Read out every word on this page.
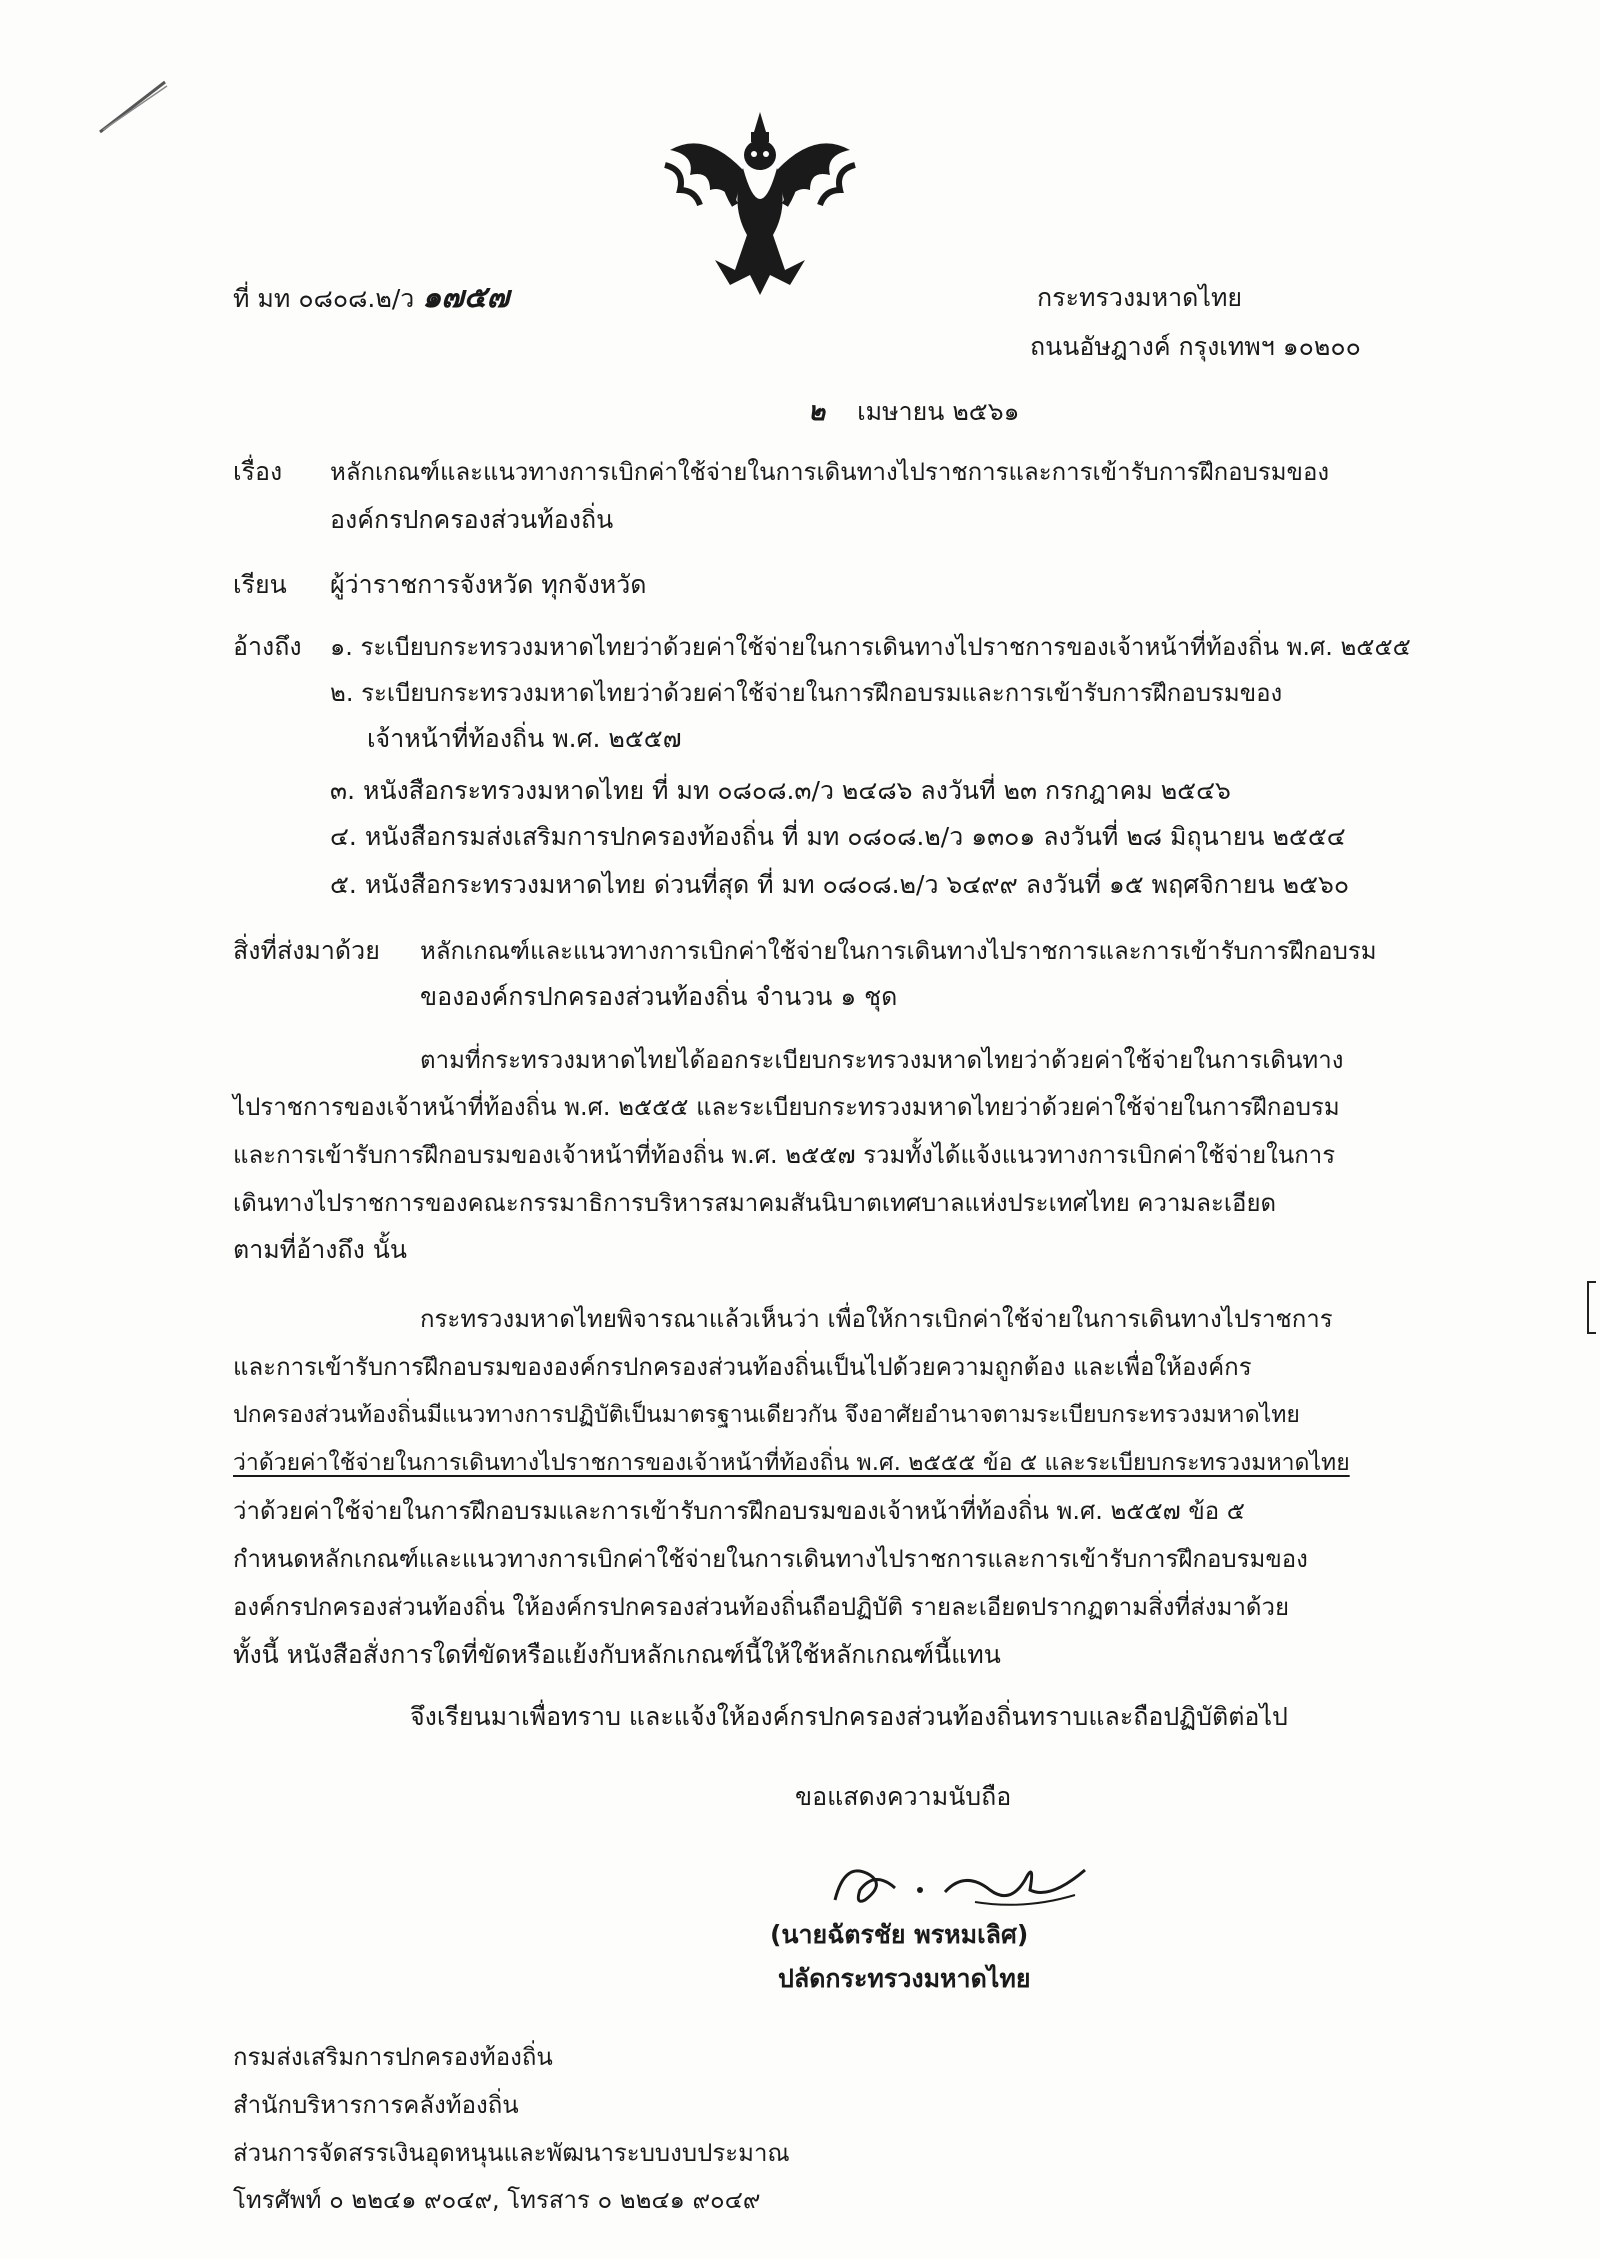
ที่ มท ๐๘๐๘.๒/ว ๑๗๕๗	กระทรวงมหาดไทย
ถนนอัษฎางค์ กรุงเทพฯ ๑๐๒๐๐
๒ เมษายน ๒๕๖๑
เรื่อง หลักเกณฑ์และแนวทางการเบิกค่าใช้จ่ายในการเดินทางไปราชการและการเข้ารับการฝึกอบรมของ
องค์กรปกครองส่วนท้องถิ่น
เรียน ผู้ว่าราชการจังหวัด ทุกจังหวัด
อ้างถึง ๑. ระเบียบกระทรวงมหาดไทยว่าด้วยค่าใช้จ่ายในการเดินทางไปราชการของเจ้าหน้าที่ท้องถิ่น พ.ศ. ๒๕๕๕
๒. ระเบียบกระทรวงมหาดไทยว่าด้วยค่าใช้จ่ายในการฝึกอบรมและการเข้ารับการฝึกอบรมของ
เจ้าหน้าที่ท้องถิ่น พ.ศ. ๒๕๕๗
๓. หนังสือกระทรวงมหาดไทย ที่ มท ๐๘๐๘.๓/ว ๒๔๘๖ ลงวันที่ ๒๓ กรกฎาคม ๒๕๔๖
๔. หนังสือกรมส่งเสริมการปกครองท้องถิ่น ที่ มท ๐๘๐๘.๒/ว ๑๓๐๑ ลงวันที่ ๒๘ มิถุนายน ๒๕๕๔
๕. หนังสือกระทรวงมหาดไทย ด่วนที่สุด ที่ มท ๐๘๐๘.๒/ว ๖๔๙๙ ลงวันที่ ๑๕ พฤศจิกายน ๒๕๖๐
สิ่งที่ส่งมาด้วย หลักเกณฑ์และแนวทางการเบิกค่าใช้จ่ายในการเดินทางไปราชการและการเข้ารับการฝึกอบรม
ขององค์กรปกครองส่วนท้องถิ่น จำนวน ๑ ชุด
ตามที่กระทรวงมหาดไทยได้ออกระเบียบกระทรวงมหาดไทยว่าด้วยค่าใช้จ่ายในการเดินทาง
ไปราชการของเจ้าหน้าที่ท้องถิ่น พ.ศ. ๒๕๕๕ และระเบียบกระทรวงมหาดไทยว่าด้วยค่าใช้จ่ายในการฝึกอบรม
และการเข้ารับการฝึกอบรมของเจ้าหน้าที่ท้องถิ่น พ.ศ. ๒๕๕๗ รวมทั้งได้แจ้งแนวทางการเบิกค่าใช้จ่ายในการ
เดินทางไปราชการของคณะกรรมาธิการบริหารสมาคมสันนิบาตเทศบาลแห่งประเทศไทย ความละเอียด
ตามที่อ้างถึง นั้น
กระทรวงมหาดไทยพิจารณาแล้วเห็นว่า เพื่อให้การเบิกค่าใช้จ่ายในการเดินทางไปราชการ
และการเข้ารับการฝึกอบรมขององค์กรปกครองส่วนท้องถิ่นเป็นไปด้วยความถูกต้อง และเพื่อให้องค์กร
ปกครองส่วนท้องถิ่นมีแนวทางการปฏิบัติเป็นมาตรฐานเดียวกัน จึงอาศัยอำนาจตามระเบียบกระทรวงมหาดไทย
ว่าด้วยค่าใช้จ่ายในการเดินทางไปราชการของเจ้าหน้าที่ท้องถิ่น พ.ศ. ๒๕๕๕ ข้อ ๕ และระเบียบกระทรวงมหาดไทย
ว่าด้วยค่าใช้จ่ายในการฝึกอบรมและการเข้ารับการฝึกอบรมของเจ้าหน้าที่ท้องถิ่น พ.ศ. ๒๕๕๗ ข้อ ๕
กำหนดหลักเกณฑ์และแนวทางการเบิกค่าใช้จ่ายในการเดินทางไปราชการและการเข้ารับการฝึกอบรมของ
องค์กรปกครองส่วนท้องถิ่น ให้องค์กรปกครองส่วนท้องถิ่นถือปฏิบัติ รายละเอียดปรากฏตามสิ่งที่ส่งมาด้วย
ทั้งนี้ หนังสือสั่งการใดที่ขัดหรือแย้งกับหลักเกณฑ์นี้ให้ใช้หลักเกณฑ์นี้แทน
จึงเรียนมาเพื่อทราบ และแจ้งให้องค์กรปกครองส่วนท้องถิ่นทราบและถือปฏิบัติต่อไป
ขอแสดงความนับถือ
(นายฉัตรชัย พรหมเลิศ)
ปลัดกระทรวงมหาดไทย
กรมส่งเสริมการปกครองท้องถิ่น
สำนักบริหารการคลังท้องถิ่น
ส่วนการจัดสรรเงินอุดหนุนและพัฒนาระบบงบประมาณ
โทรศัพท์ ๐ ๒๒๔๑ ๙๐๔๙, โทรสาร ๐ ๒๒๔๑ ๙๐๔๙
